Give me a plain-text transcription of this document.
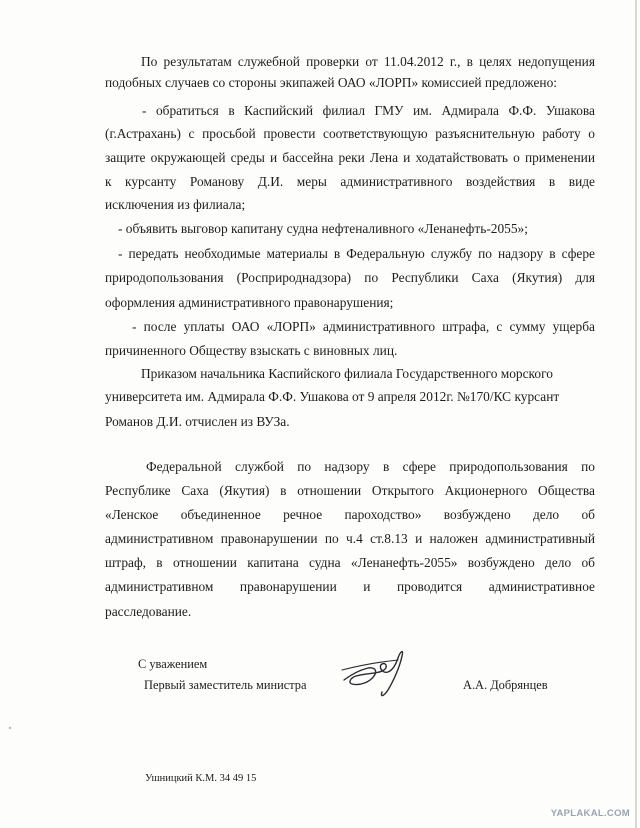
По результатам служебной проверки от 11.04.2012 г., в целях недопущения
подобных случаев со стороны экипажей ОАО «ЛОРП» комиссией предложено:
- обратиться в Каспийский филиал ГМУ им. Адмирала Ф.Ф. Ушакова
(г.Астрахань) с просьбой провести соответствующую разъяснительную работу о
защите окружающей среды и бассейна реки Лена и ходатайствовать о применении
к курсанту Романову Д.И. меры административного воздействия в виде
исключения из филиала;
- объявить выговор капитану судна нефтеналивного «Ленанефть-2055»;
- передать необходимые материалы в Федеральную службу по надзору в сфере
природопользования (Росприроднадзора) по Республики Саха (Якутия) для
оформления административного правонарушения;
- после уплаты ОАО «ЛОРП» административного штрафа, с сумму ущерба
причиненного Обществу взыскать с виновных лиц.
Приказом начальника Каспийского филиала Государственного морского
университета им. Адмирала Ф.Ф. Ушакова от 9 апреля 2012г. №170/КС курсант
Романов Д.И. отчислен из ВУЗа.
Федеральной службой по надзору в сфере природопользования по
Республике Саха (Якутия) в отношении Открытого Акционерного Общества
«Ленское объединенное речное пароходство» возбуждено дело об
административном правонарушении по ч.4 ст.8.13 и наложен административный
штраф, в отношении капитана судна «Ленанефть-2055» возбуждено дело об
административном правонарушении и проводится административное
расследование.
С уважением
Первый заместитель министра	А.А. Добрянцев
Ушницкий К.М. 34 49 15
YAPLAKAL.COM
